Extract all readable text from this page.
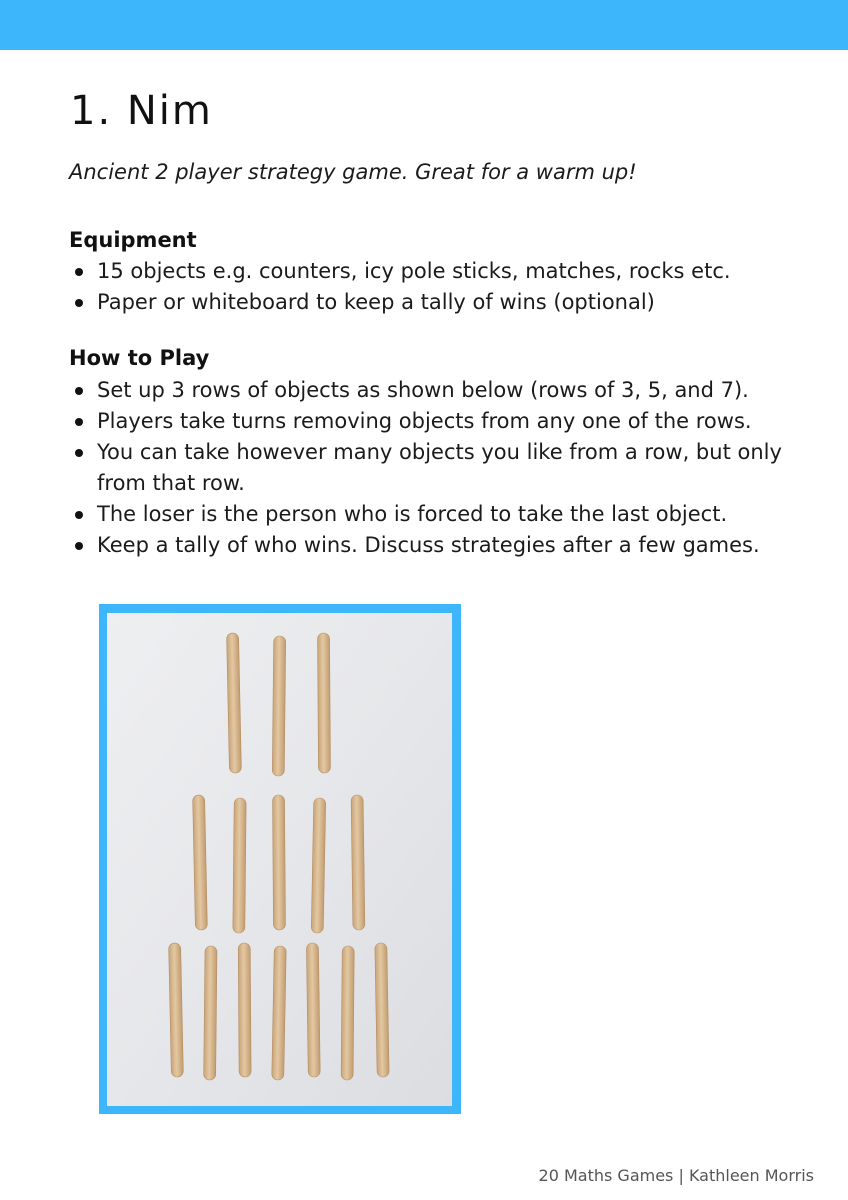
1. Nim

Ancient 2 player strategy game. Great for a warm up!

Equipment
15 objects e.g. counters, icy pole sticks, matches, rocks etc.
Paper or whiteboard to keep a tally of wins (optional)
How to Play
Set up 3 rows of objects as shown below (rows of 3, 5, and 7).
Players take turns removing objects from any one of the rows.
You can take however many objects you like from a row, but only from that row.
The loser is the person who is forced to take the last object.
Keep a tally of who wins. Discuss strategies after a few games.

20 Maths Games | Kathleen Morris
